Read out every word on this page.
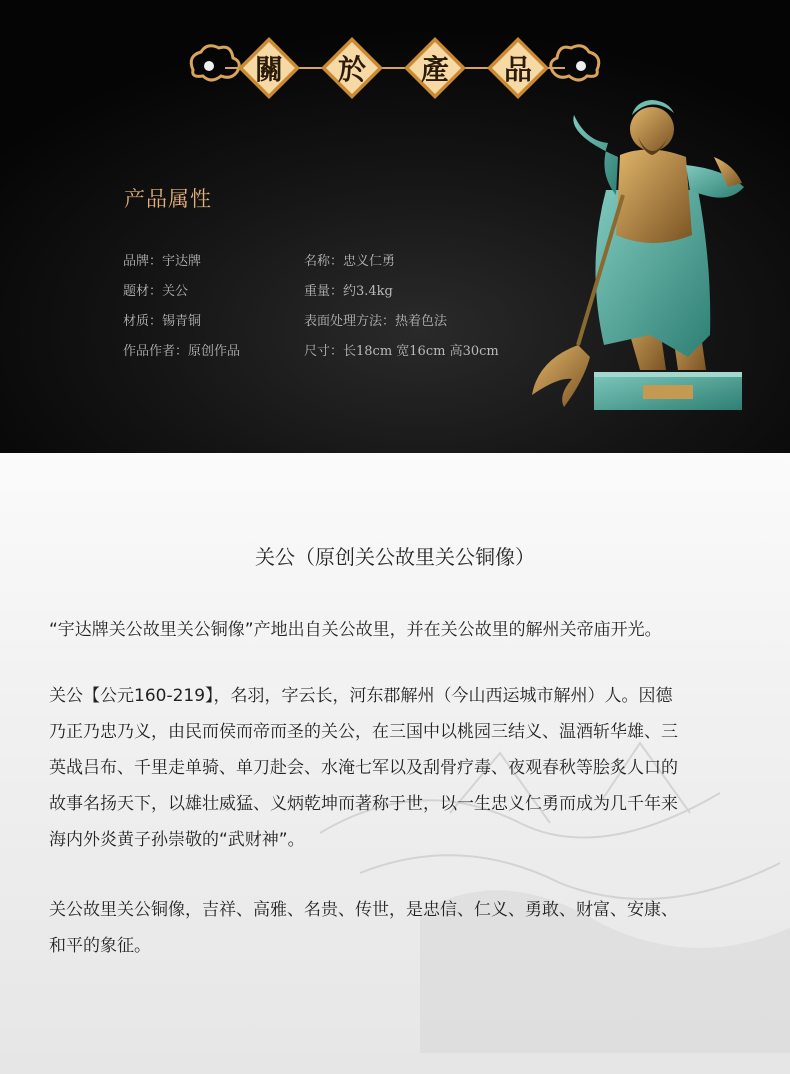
關 於 產 品
产品属性
品牌：宇达牌	名称：忠义仁勇
题材：关公	重量：约3.4kg
材质：锡青铜	表面处理方法：热着色法
作品作者：原创作品	尺寸：长18cm 宽16cm 高30cm
关公（原创关公故里关公铜像）
“宇达牌关公故里关公铜像”产地出自关公故里，并在关公故里的解州关帝庙开光。
关公【公元160-219】，名羽，字云长，河东郡解州（今山西运城市解州）人。因德
乃正乃忠乃义，由民而侯而帝而圣的关公，在三国中以桃园三结义、温酒斩华雄、三
英战吕布、千里走单骑、单刀赴会、水淹七军以及刮骨疗毒、夜观春秋等脍炙人口的
故事名扬天下，以雄壮威猛、义炳乾坤而著称于世，以一生忠义仁勇而成为几千年来
海内外炎黄子孙崇敬的“武财神”。
关公故里关公铜像，吉祥、高雅、名贵、传世，是忠信、仁义、勇敢、财富、安康、
和平的象征。
